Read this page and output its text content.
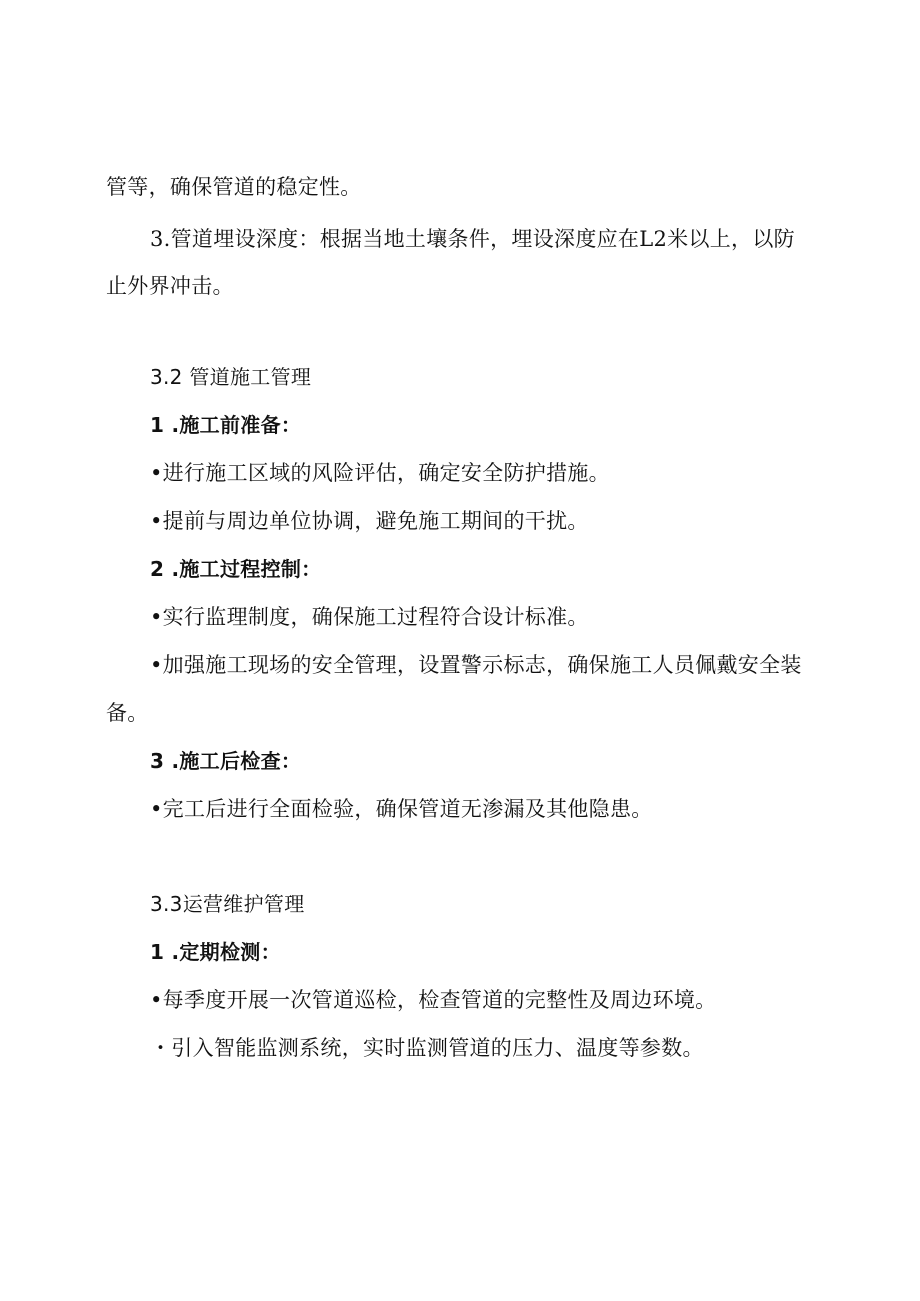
管等，确保管道的稳定性。
3.管道埋设深度：根据当地土壤条件，埋设深度应在L2米以上，以防
止外界冲击。
3.2 管道施工管理
1 .施工前准备：
•进行施工区域的风险评估，确定安全防护措施。
•提前与周边单位协调，避免施工期间的干扰。
2 .施工过程控制：
•实行监理制度，确保施工过程符合设计标准。
•加强施工现场的安全管理，设置警示标志，确保施工人员佩戴安全装
备。
3 .施工后检查：
•完工后进行全面检验，确保管道无渗漏及其他隐患。
3.3运营维护管理
1 .定期检测：
•每季度开展一次管道巡检，检查管道的完整性及周边环境。
・引入智能监测系统，实时监测管道的压力、温度等参数。
